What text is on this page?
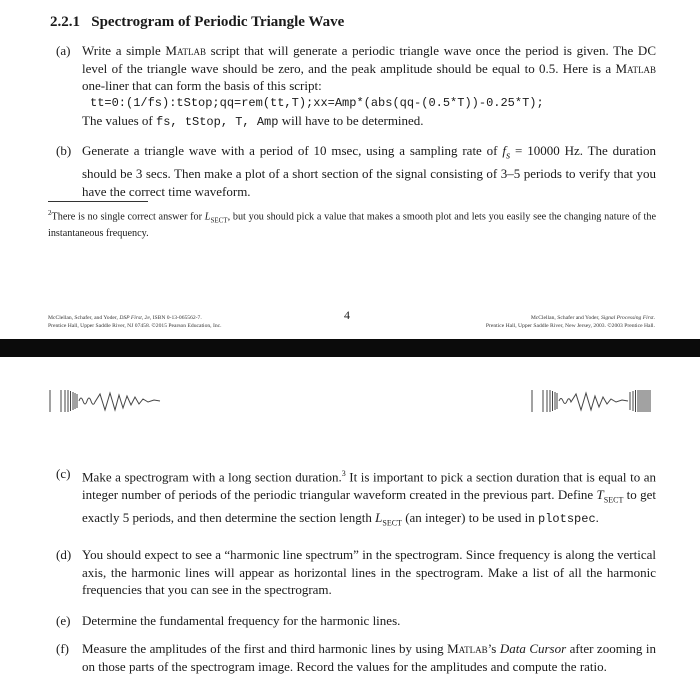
2.2.1 Spectrogram of Periodic Triangle Wave
(a) Write a simple Matlab script that will generate a periodic triangle wave once the period is given. The DC level of the triangle wave should be zero, and the peak amplitude should be equal to 0.5. Here is a Matlab one-liner that can form the basis of this script:
tt=0:(1/fs):tStop;qq=rem(tt,T);xx=Amp*(abs(qq-(0.5*T))-0.25*T);
The values of fs, tStop, T, Amp will have to be determined.
(b) Generate a triangle wave with a period of 10 msec, using a sampling rate of $f_s = 10000$ Hz. The duration should be 3 secs. Then make a plot of a short section of the signal consisting of 3–5 periods to verify that you have the correct time waveform.
$^2$There is no single correct answer for $L_{SECT}$, but you should pick a value that makes a smooth plot and lets you easily see the changing nature of the instantaneous frequency.
McClellan, Schafer, and Yoder, DSP First, 2e, ISBN 0-13-065562-7.
Prentice Hall, Upper Saddle River, NJ 07458. ©2015 Pearson Education, Inc.
4	McClellan, Schafer and Yoder, Signal Processing First.
Prentice Hall, Upper Saddle River, New Jersey, 2003. ©2003 Prentice Hall.
(c) Make a spectrogram with a long section duration.$^3$ It is important to pick a section duration that is equal to an integer number of periods of the periodic triangular waveform created in the previous part. Define $T_{SECT}$ to get exactly 5 periods, and then determine the section length $L_{SECT}$ (an integer) to be used in plotspec.
(d) You should expect to see a “harmonic line spectrum” in the spectrogram. Since frequency is along the vertical axis, the harmonic lines will appear as horizontal lines in the spectrogram. Make a list of all the harmonic frequencies that you can see in the spectrogram.
(e) Determine the fundamental frequency for the harmonic lines.
(f) Measure the amplitudes of the first and third harmonic lines by using Matlab’s Data Cursor after zooming in on those parts of the spectrogram image. Record the values for the amplitudes and compute the ratio.
